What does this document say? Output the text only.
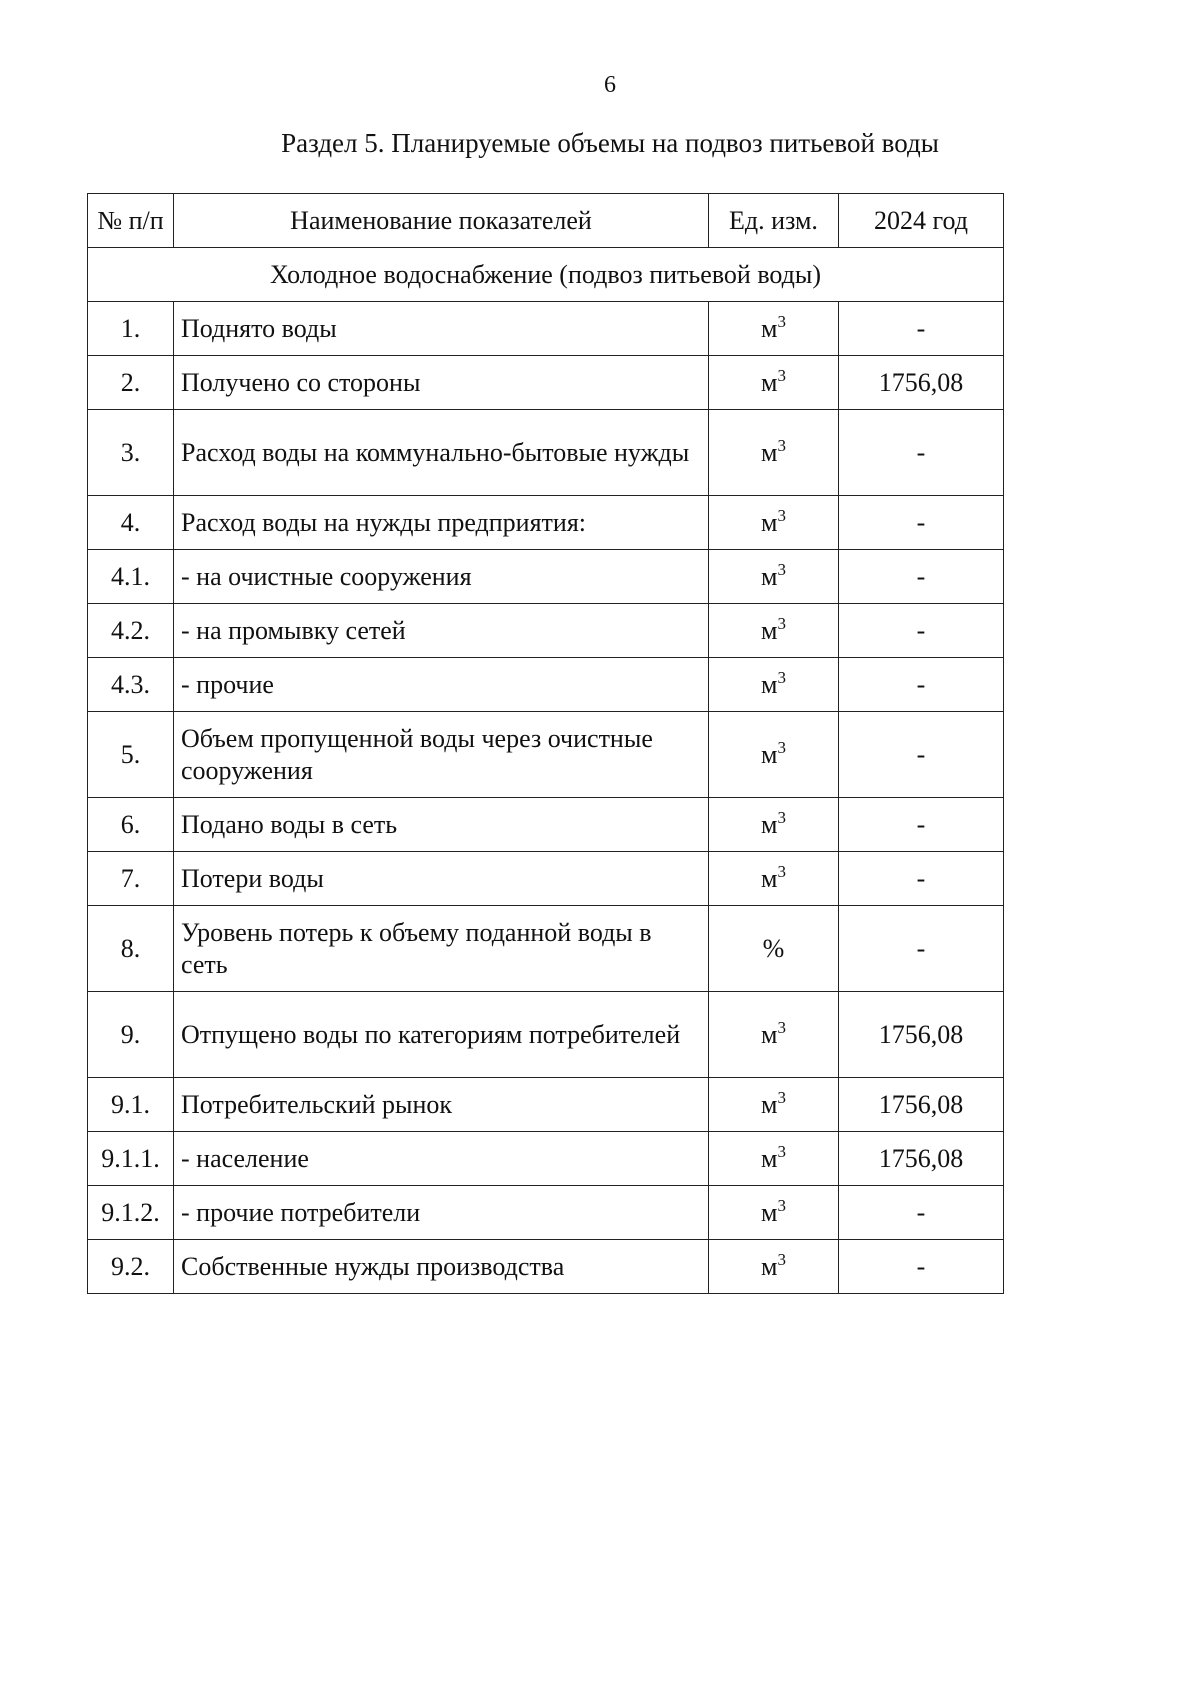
6
Раздел 5. Планируемые объемы на подвоз питьевой воды
№ п/п	Наименование показателей	Ед. изм.	2024 год
Холодное водоснабжение (подвоз питьевой воды)			
1.	Поднято воды	$м^3$	-
2.	Получено со стороны	$м^3$	1756,08
3.	Расход воды на коммунально-бытовые нужды	$м^3$	-
4.	Расход воды на нужды предприятия:	$м^3$	-
4.1.	- на очистные сооружения	$м^3$	-
4.2.	- на промывку сетей	$м^3$	-
4.3.	- прочие	$м^3$	-
5.	Объем пропущенной воды через очистные сооружения	$м^3$	-
6.	Подано воды в сеть	$м^3$	-
7.	Потери воды	$м^3$	-
8.	Уровень потерь к объему поданной воды в сеть	%	-
9.	Отпущено воды по категориям потребителей	$м^3$	1756,08
9.1.	Потребительский рынок	$м^3$	1756,08
9.1.1.	- население	$м^3$	1756,08
9.1.2.	- прочие потребители	$м^3$	-
9.2.	Собственные нужды производства	$м^3$	-
